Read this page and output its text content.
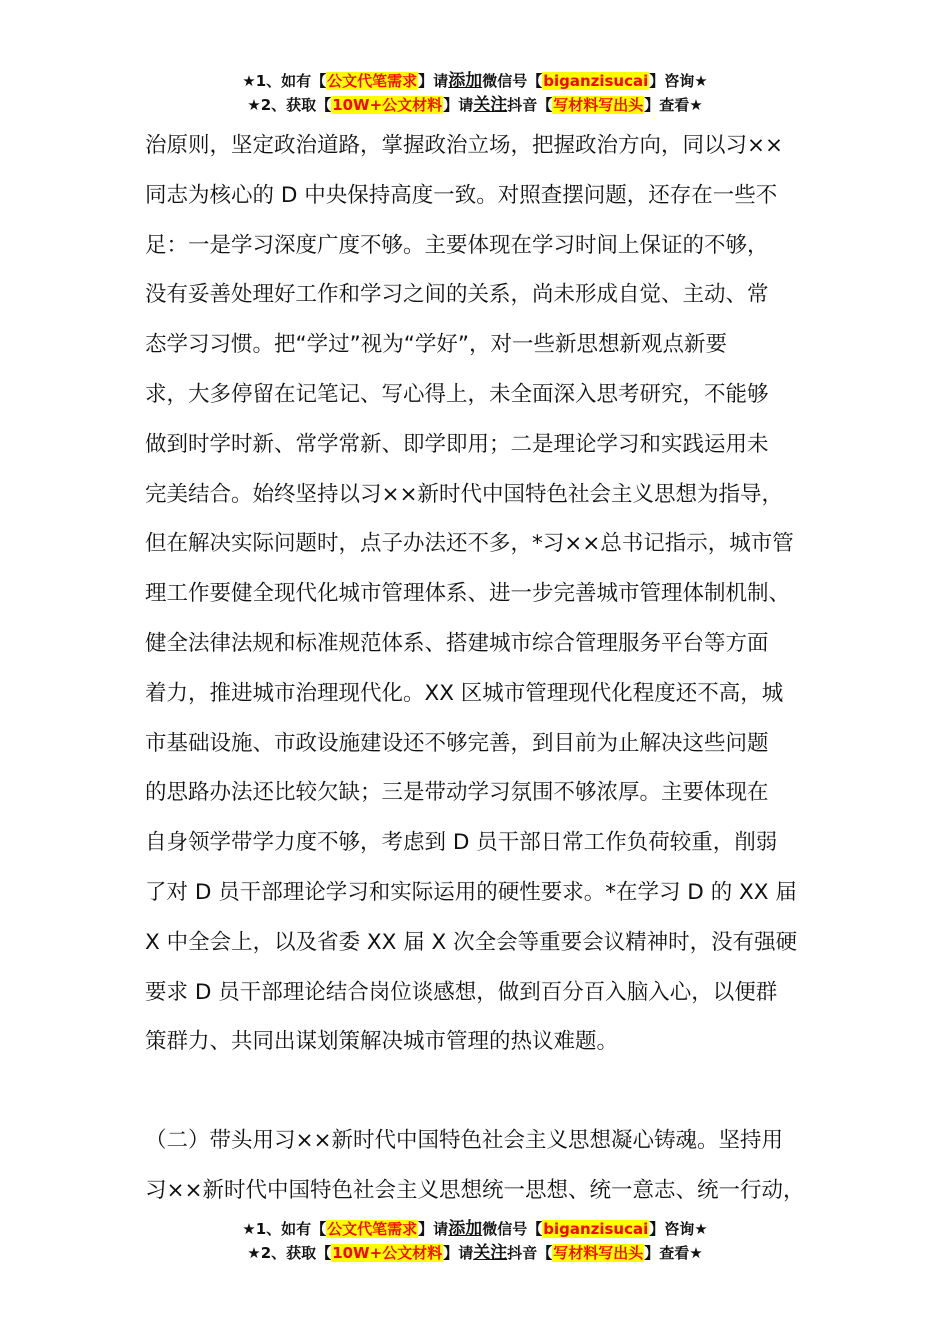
★1、如有【公文代笔需求】请添加微信号【biganzisucai】咨询★
★2、获取【10W+公文材料】请关注抖音【写材料写出头】查看★
治原则，坚定政治道路，掌握政治立场，把握政治方向，同以习××
同志为核心的 D 中央保持高度一致。对照查摆问题，还存在一些不
足：一是学习深度广度不够。主要体现在学习时间上保证的不够，
没有妥善处理好工作和学习之间的关系，尚未形成自觉、主动、常
态学习习惯。把“学过”视为“学好”，对一些新思想新观点新要
求，大多停留在记笔记、写心得上，未全面深入思考研究，不能够
做到时学时新、常学常新、即学即用；二是理论学习和实践运用未
完美结合。始终坚持以习××新时代中国特色社会主义思想为指导，
但在解决实际问题时，点子办法还不多，*习××总书记指示，城市管
理工作要健全现代化城市管理体系、进一步完善城市管理体制机制、
健全法律法规和标准规范体系、搭建城市综合管理服务平台等方面
着力，推进城市治理现代化。XX 区城市管理现代化程度还不高，城
市基础设施、市政设施建设还不够完善，到目前为止解决这些问题
的思路办法还比较欠缺；三是带动学习氛围不够浓厚。主要体现在
自身领学带学力度不够，考虑到 D 员干部日常工作负荷较重，削弱
了对 D 员干部理论学习和实际运用的硬性要求。*在学习 D 的 XX 届
X 中全会上，以及省委 XX 届 X 次全会等重要会议精神时，没有强硬
要求 D 员干部理论结合岗位谈感想，做到百分百入脑入心，以便群
策群力、共同出谋划策解决城市管理的热议难题。
（二）带头用习××新时代中国特色社会主义思想凝心铸魂。坚持用
习××新时代中国特色社会主义思想统一思想、统一意志、统一行动，
★1、如有【公文代笔需求】请添加微信号【biganzisucai】咨询★
★2、获取【10W+公文材料】请关注抖音【写材料写出头】查看★
